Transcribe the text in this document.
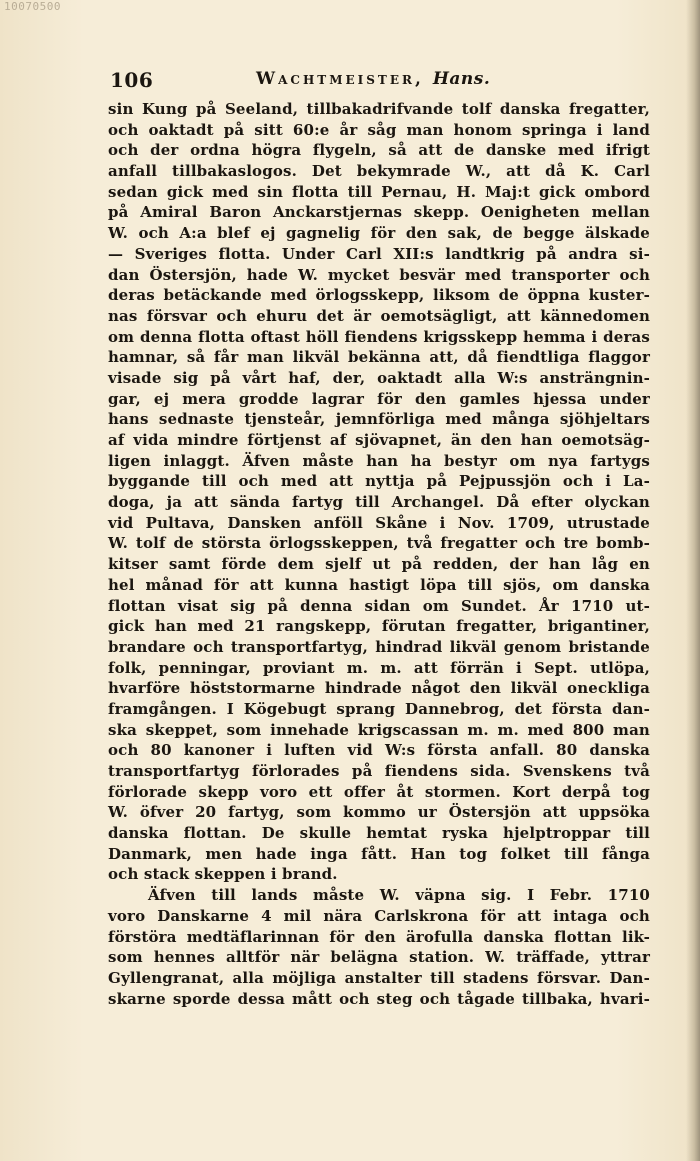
10070500
106	Wachtmeister, Hans.
sin Kung på Seeland, tillbakadrifvande tolf danska fregatter,
och oaktadt på sitt 60:e år såg man honom springa i land
och der ordna högra flygeln, så att de danske med ifrigt
anfall tillbakaslogos. Det bekymrade W., att då K. Carl
sedan gick med sin flotta till Pernau, H. Maj:t gick ombord
på Amiral Baron Anckarstjernas skepp. Oenigheten mellan
W. och A:a blef ej gagnelig för den sak, de begge älskade
— Sveriges flotta. Under Carl XII:s landtkrig på andra si-
dan Östersjön, hade W. mycket besvär med transporter och
deras betäckande med örlogsskepp, liksom de öppna kuster-
nas försvar och ehuru det är oemotsägligt, att kännedomen
om denna flotta oftast höll fiendens krigsskepp hemma i deras
hamnar, så får man likväl bekänna att, då fiendtliga flaggor
visade sig på vårt haf, der, oaktadt alla W:s ansträngnin-
gar, ej mera grodde lagrar för den gamles hjessa under
hans sednaste tjensteår, jemnförliga med många sjöhjeltars
af vida mindre förtjenst af sjövapnet, än den han oemotsäg-
ligen inlaggt. Äfven måste han ha bestyr om nya fartygs
byggande till och med att nyttja på Pejpussjön och i La-
doga, ja att sända fartyg till Archangel. Då efter olyckan
vid Pultava, Dansken anföll Skåne i Nov. 1709, utrustade
W. tolf de största örlogsskeppen, två fregatter och tre bomb-
kitser samt förde dem sjelf ut på redden, der han låg en
hel månad för att kunna hastigt löpa till sjös, om danska
flottan visat sig på denna sidan om Sundet. År 1710 ut-
gick han med 21 rangskepp, förutan fregatter, brigantiner,
brandare och transportfartyg, hindrad likväl genom bristande
folk, penningar, proviant m. m. att förrän i Sept. utlöpa,
hvarföre höststormarne hindrade något den likväl oneckliga
framgången. I Kögebugt sprang Dannebrog, det första dan-
ska skeppet, som innehade krigscassan m. m. med 800 man
och 80 kanoner i luften vid W:s första anfall. 80 danska
transportfartyg förlorades på fiendens sida. Svenskens två
förlorade skepp voro ett offer åt stormen. Kort derpå tog
W. öfver 20 fartyg, som kommo ur Östersjön att uppsöka
danska flottan. De skulle hemtat ryska hjelptroppar till
Danmark, men hade inga fått. Han tog folket till fånga
och stack skeppen i brand.
Äfven till lands måste W. väpna sig. I Febr. 1710
voro Danskarne 4 mil nära Carlskrona för att intaga och
förstöra medtäflarinnan för den ärofulla danska flottan lik-
som hennes alltför när belägna station. W. träffade, yttrar
Gyllengranat, alla möjliga anstalter till stadens försvar. Dan-
skarne sporde dessa mått och steg och tågade tillbaka, hvari-
